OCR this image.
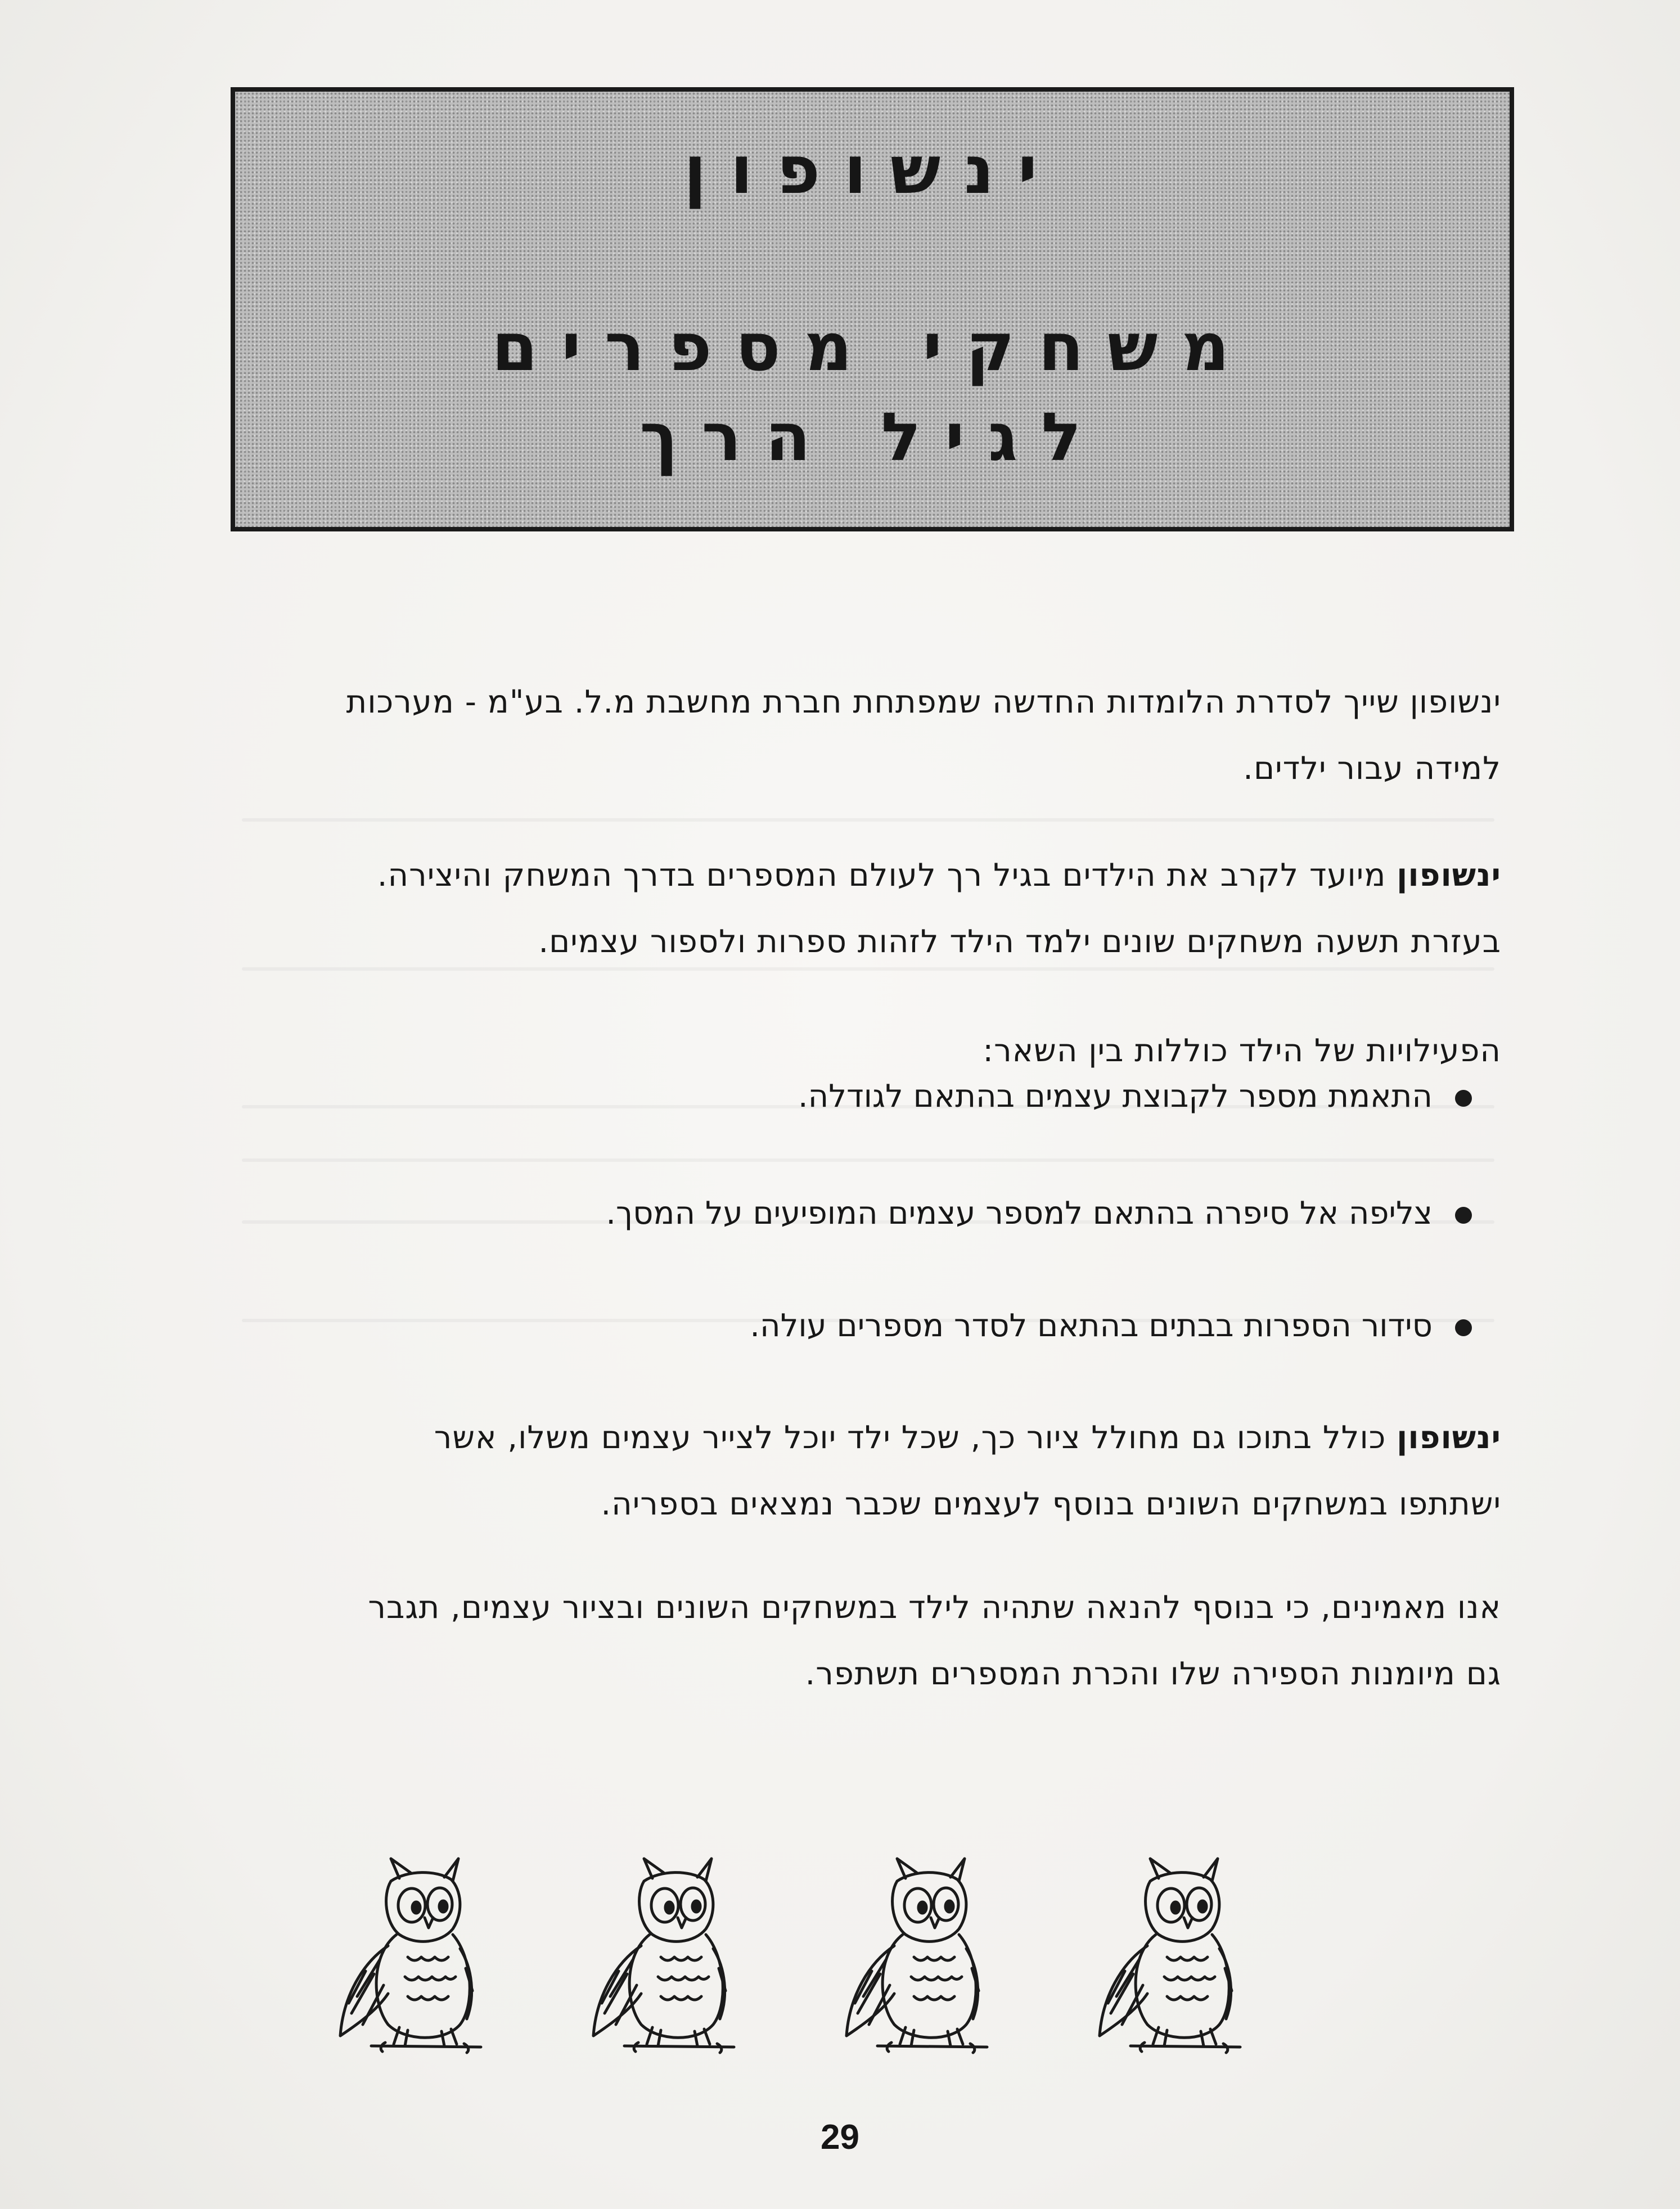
ינשופון
משחקי מספרים
לגיל הרך
ינשופון שייך לסדרת הלומדות החדשה שמפתחת חברת מחשבת מ.ל. בע"מ - מערכות
למידה עבור ילדים.
ינשופון מיועד לקרב את הילדים בגיל רך לעולם המספרים בדרך המשחק והיצירה.
בעזרת תשעה משחקים שונים ילמד הילד לזהות ספרות ולספור עצמים.
הפעילויות של הילד כוללות בין השאר:
התאמת מספר לקבוצת עצמים בהתאם לגודלה.
צליפה אל סיפרה בהתאם למספר עצמים המופיעים על המסך.
סידור הספרות בבתים בהתאם לסדר מספרים עולה.
ינשופון כולל בתוכו גם מחולל ציור כך, שכל ילד יוכל לצייר עצמים משלו, אשר
ישתתפו במשחקים השונים בנוסף לעצמים שכבר נמצאים בספריה.
אנו מאמינים, כי בנוסף להנאה שתהיה לילד במשחקים השונים ובציור עצמים, תגבר
גם מיומנות הספירה שלו והכרת המספרים תשתפר.
29
